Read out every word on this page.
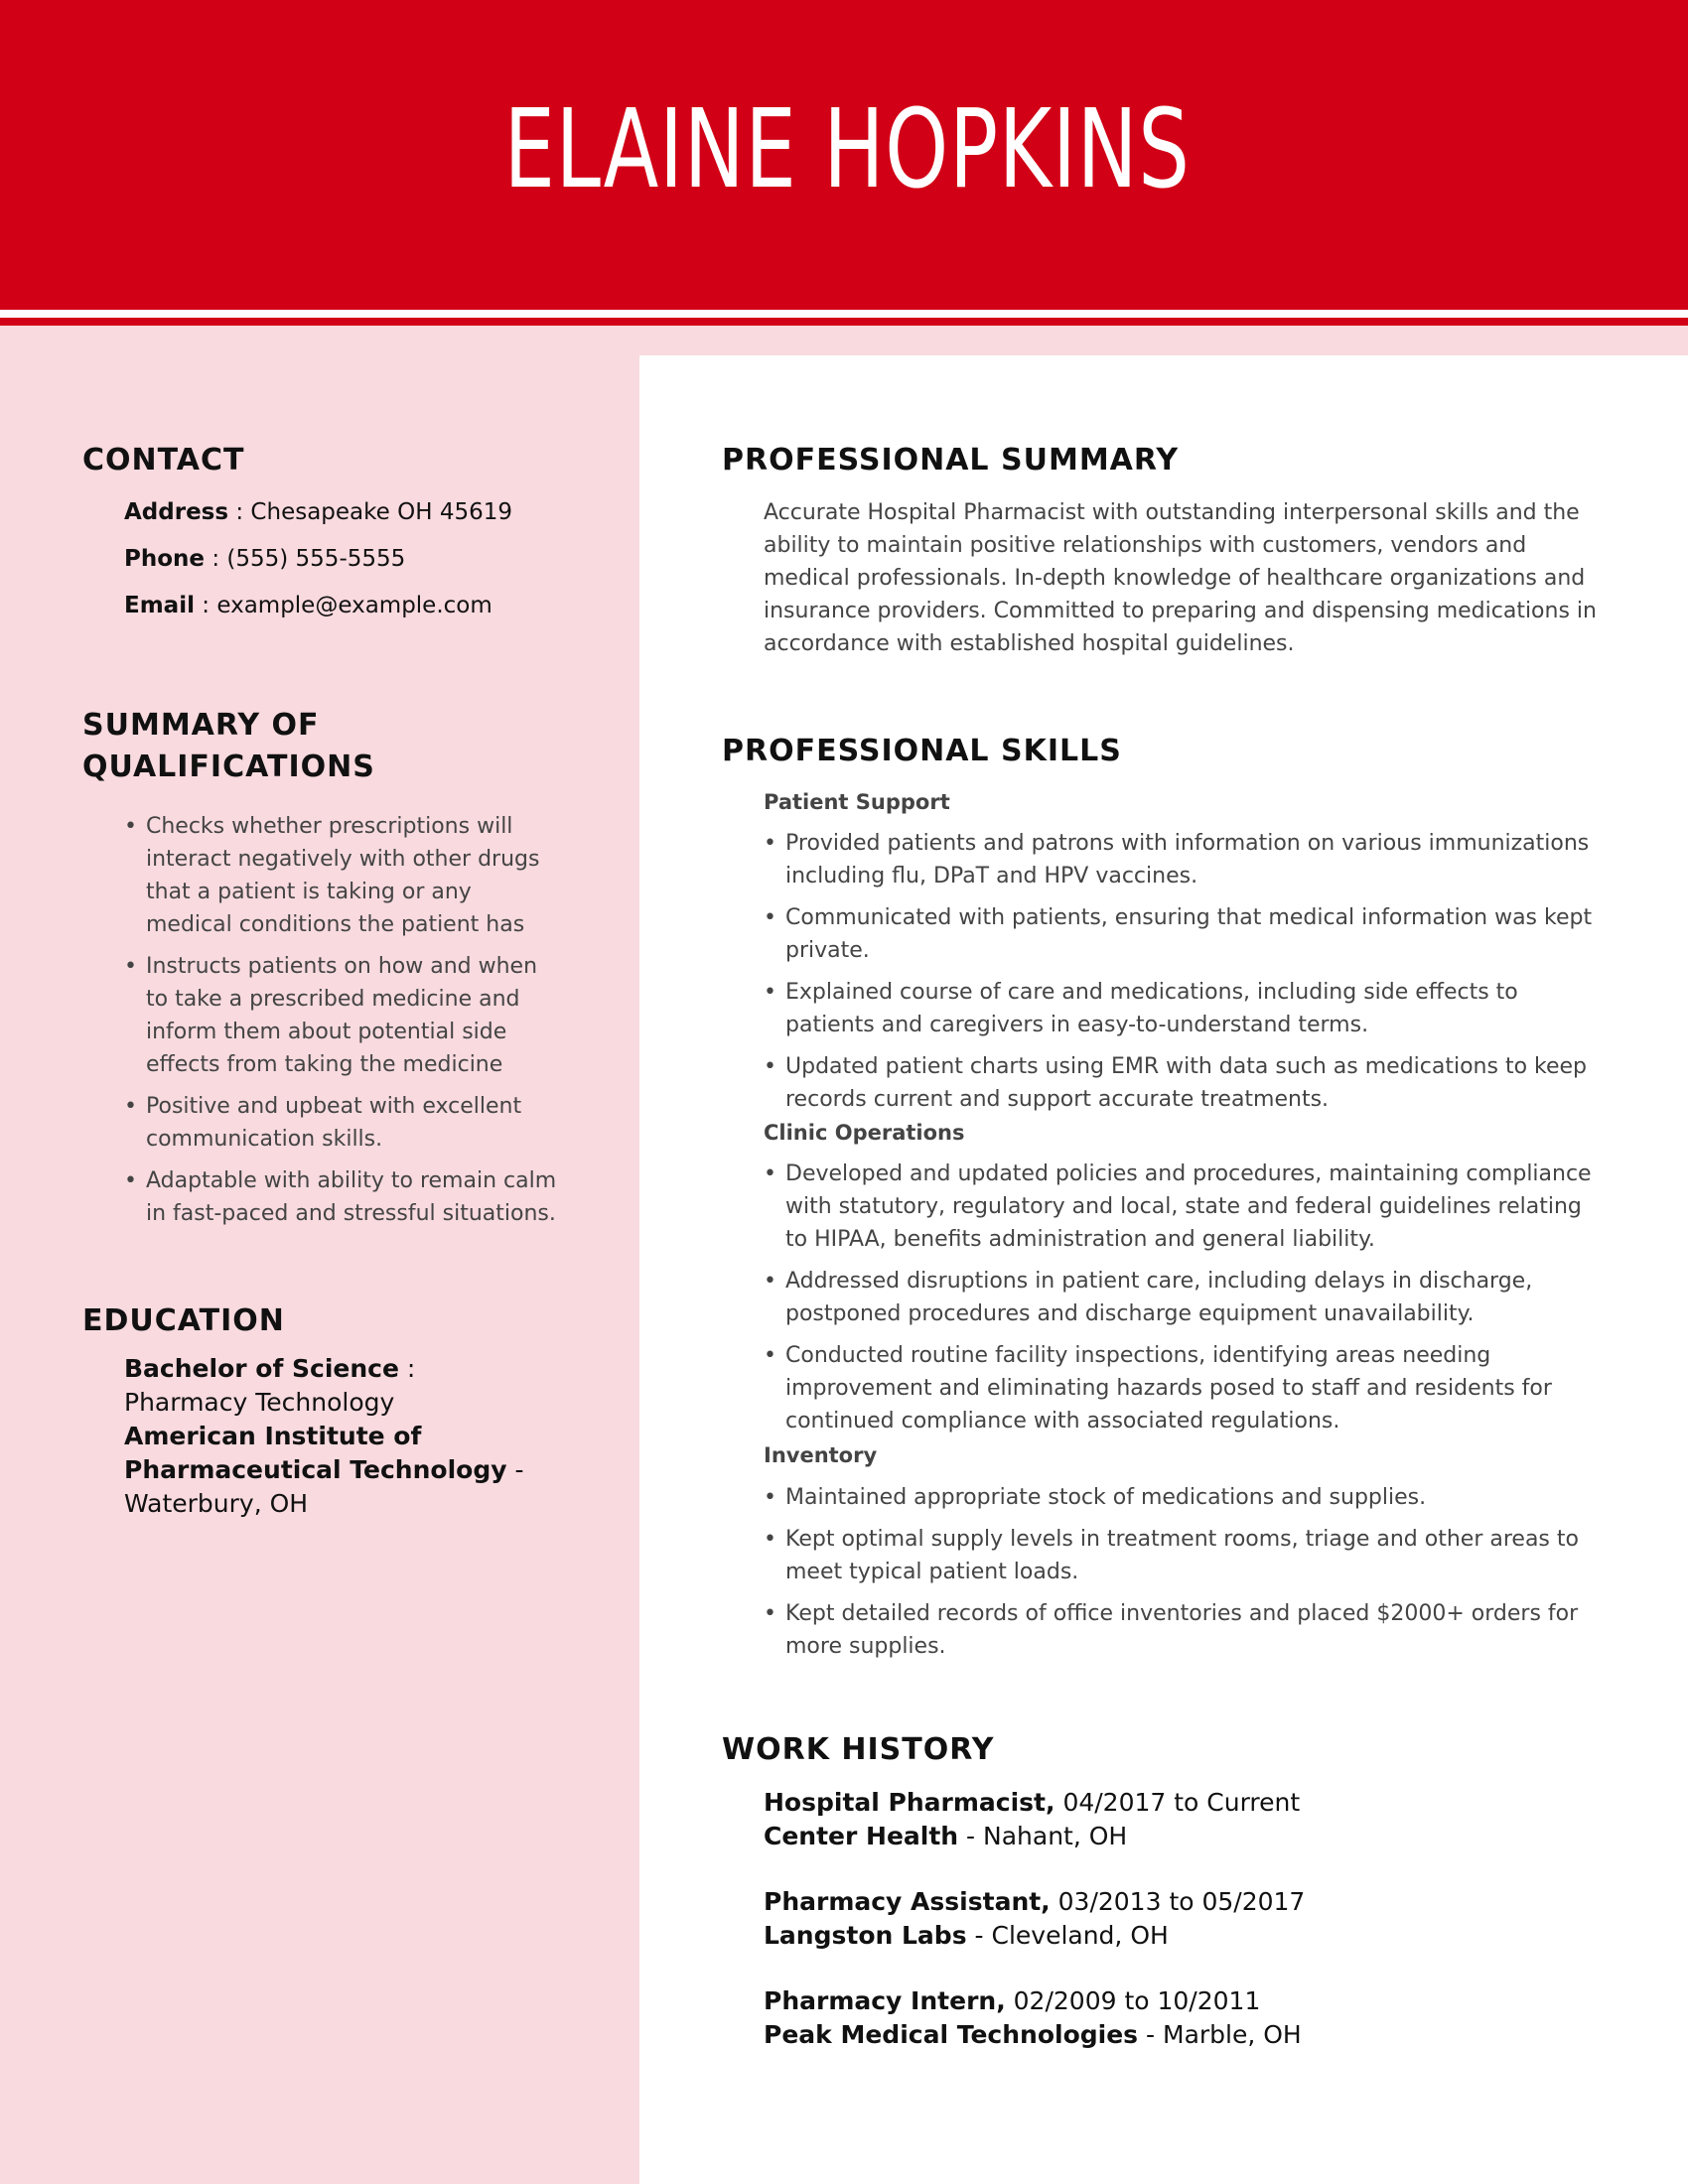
ELAINE HOPKINS
CONTACT
Address : Chesapeake OH 45619
Phone : (555) 555-5555
Email : example@example.com
SUMMARY OF
QUALIFICATIONS
• Checks whether prescriptions will interact negatively with other drugs that a patient is taking or any medical conditions the patient has
• Instructs patients on how and when to take a prescribed medicine and inform them about potential side effects from taking the medicine
• Positive and upbeat with excellent communication skills.
• Adaptable with ability to remain calm in fast-paced and stressful situations.
EDUCATION
Bachelor of Science : Pharmacy Technology
American Institute of Pharmaceutical Technology - Waterbury, OH
PROFESSIONAL SUMMARY

Accurate Hospital Pharmacist with outstanding interpersonal skills and the ability to maintain positive relationships with customers, vendors and medical professionals. In-depth knowledge of healthcare organizations and insurance providers. Committed to preparing and dispensing medications in accordance with established hospital guidelines.

PROFESSIONAL SKILLS
Patient Support
• Provided patients and patrons with information on various immunizations including flu, DPaT and HPV vaccines.
• Communicated with patients, ensuring that medical information was kept private.
• Explained course of care and medications, including side effects to patients and caregivers in easy-to-understand terms.
• Updated patient charts using EMR with data such as medications to keep records current and support accurate treatments.
Clinic Operations
• Developed and updated policies and procedures, maintaining compliance with statutory, regulatory and local, state and federal guidelines relating to HIPAA, benefits administration and general liability.
• Addressed disruptions in patient care, including delays in discharge, postponed procedures and discharge equipment unavailability.
• Conducted routine facility inspections, identifying areas needing improvement and eliminating hazards posed to staff and residents for continued compliance with associated regulations.
Inventory
• Maintained appropriate stock of medications and supplies.
• Kept optimal supply levels in treatment rooms, triage and other areas to meet typical patient loads.
• Kept detailed records of office inventories and placed $2000+ orders for more supplies.
WORK HISTORY
Hospital Pharmacist, 04/2017 to Current
Center Health - Nahant, OH
Pharmacy Assistant, 03/2013 to 05/2017
Langston Labs - Cleveland, OH
Pharmacy Intern, 02/2009 to 10/2011
Peak Medical Technologies - Marble, OH
